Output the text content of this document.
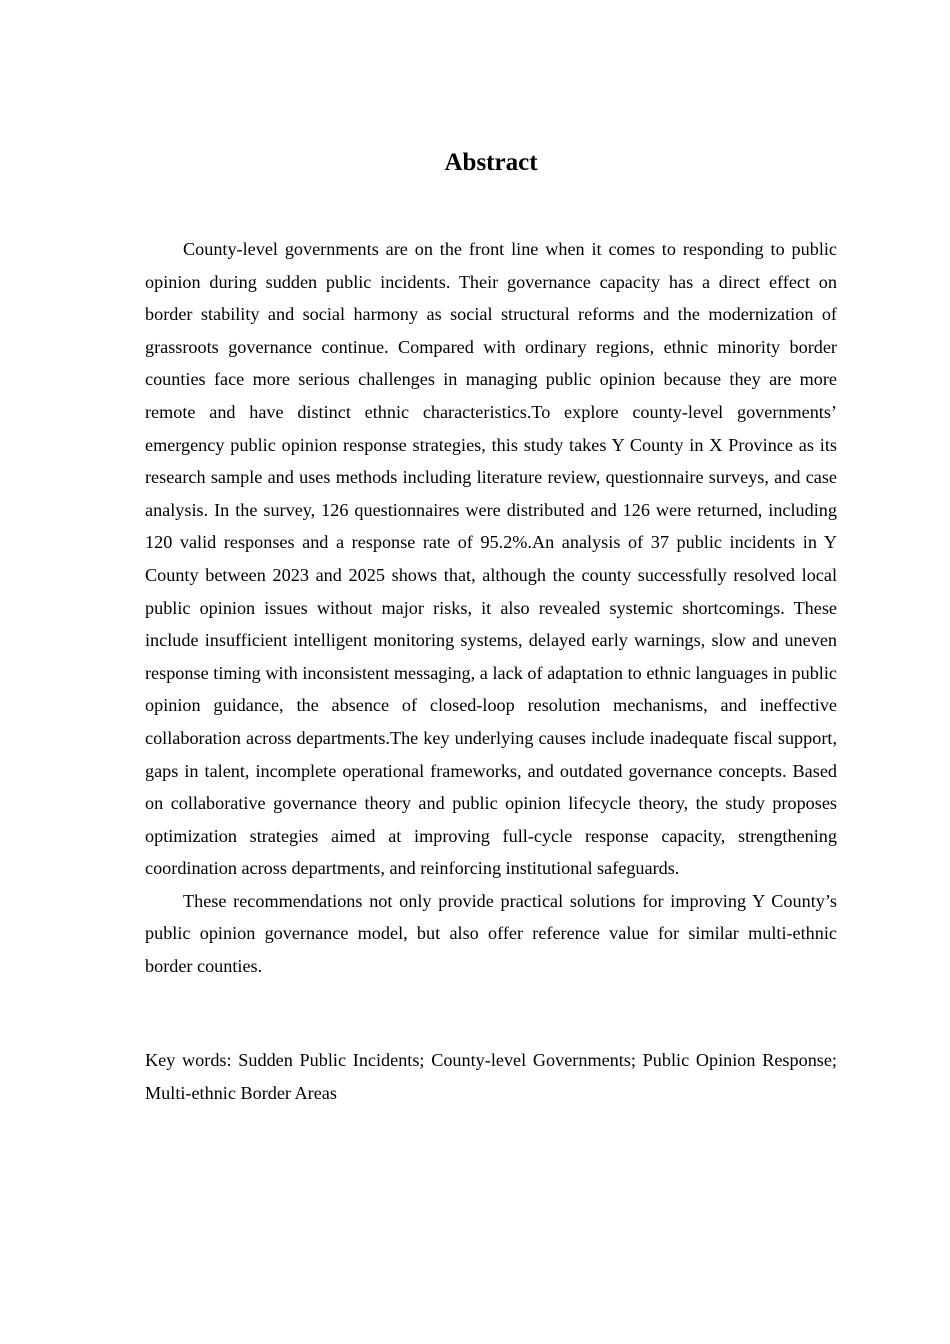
Abstract

County-level governments are on the front line when it comes to responding to public opinion during sudden public incidents. Their governance capacity has a direct effect on border stability and social harmony as social structural reforms and the modernization of grassroots governance continue. Compared with ordinary regions, ethnic minority border counties face more serious challenges in managing public opinion because they are more remote and have distinct ethnic characteristics.To explore county-level governments’ emergency public opinion response strategies, this study takes Y County in X Province as its research sample and uses methods including literature review, questionnaire surveys, and case analysis. In the survey, 126 questionnaires were distributed and 126 were returned, including 120 valid responses and a response rate of 95.2%.An analysis of 37 public incidents in Y County between 2023 and 2025 shows that, although the county successfully resolved local public opinion issues without major risks, it also revealed systemic shortcomings. These include insufficient intelligent monitoring systems, delayed early warnings, slow and uneven response timing with inconsistent messaging, a lack of adaptation to ethnic languages in public opinion guidance, the absence of closed-loop resolution mechanisms, and ineffective collaboration across departments.The key underlying causes include inadequate fiscal support, gaps in talent, incomplete operational frameworks, and outdated governance concepts. Based on collaborative governance theory and public opinion lifecycle theory, the study proposes optimization strategies aimed at improving full-cycle response capacity, strengthening coordination across departments, and reinforcing institutional safeguards.

These recommendations not only provide practical solutions for improving Y County’s public opinion governance model, but also offer reference value for similar multi-ethnic border counties.

Key words: Sudden Public Incidents; County-level Governments; Public Opinion Response; Multi-ethnic Border Areas
